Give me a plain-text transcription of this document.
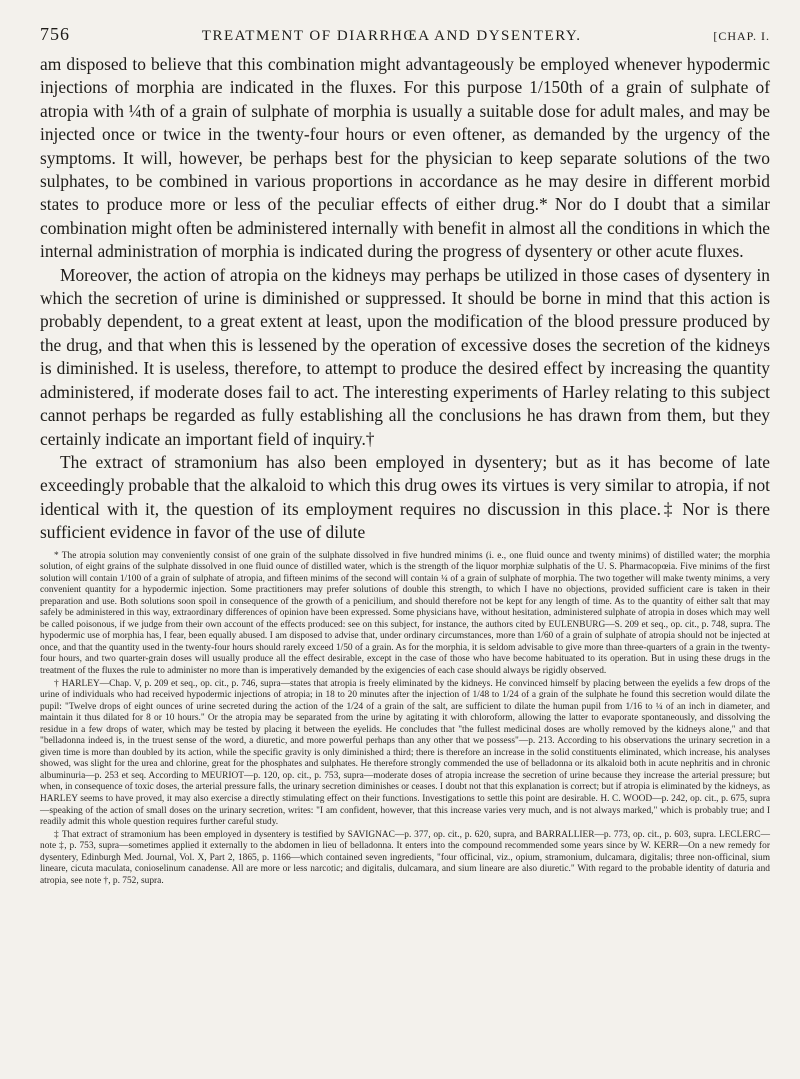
756	TREATMENT OF DIARRHŒA AND DYSENTERY.	[CHAP. I.

am disposed to believe that this combination might advantageously be employed whenever hypodermic injections of morphia are indicated in the fluxes. For this purpose 1/150th of a grain of sulphate of atropia with ¼th of a grain of sulphate of morphia is usually a suitable dose for adult males, and may be injected once or twice in the twenty-four hours or even oftener, as demanded by the urgency of the symptoms. It will, however, be perhaps best for the physician to keep separate solutions of the two sulphates, to be combined in various proportions in accordance as he may desire in different morbid states to produce more or less of the peculiar effects of either drug.* Nor do I doubt that a similar combination might often be administered internally with benefit in almost all the conditions in which the internal administration of morphia is indicated during the progress of dysentery or other acute fluxes.

Moreover, the action of atropia on the kidneys may perhaps be utilized in those cases of dysentery in which the secretion of urine is diminished or suppressed. It should be borne in mind that this action is probably dependent, to a great extent at least, upon the modification of the blood pressure produced by the drug, and that when this is lessened by the operation of excessive doses the secretion of the kidneys is diminished. It is useless, therefore, to attempt to produce the desired effect by increasing the quantity administered, if moderate doses fail to act. The interesting experiments of Harley relating to this subject cannot perhaps be regarded as fully establishing all the conclusions he has drawn from them, but they certainly indicate an important field of inquiry.†

The extract of stramonium has also been employed in dysentery; but as it has become of late exceedingly probable that the alkaloid to which this drug owes its virtues is very similar to atropia, if not identical with it, the question of its employment requires no discussion in this place.‡ Nor is there sufficient evidence in favor of the use of dilute

* The atropia solution may conveniently consist of one grain of the sulphate dissolved in five hundred minims (i. e., one fluid ounce and twenty minims) of distilled water; the morphia solution, of eight grains of the sulphate dissolved in one fluid ounce of distilled water, which is the strength of the liquor morphiæ sulphatis of the U. S. Pharmacopœia. Five minims of the first solution will contain 1/100 of a grain of sulphate of atropia, and fifteen minims of the second will contain ¼ of a grain of sulphate of morphia. The two together will make twenty minims, a very convenient quantity for a hypodermic injection. Some practitioners may prefer solutions of double this strength, to which I have no objections, provided sufficient care is taken in their preparation and use. Both solutions soon spoil in consequence of the growth of a penicilium, and should therefore not be kept for any length of time. As to the quantity of either salt that may safely be administered in this way, extraordinary differences of opinion have been expressed. Some physicians have, without hesitation, administered sulphate of atropia in doses which may well be called poisonous, if we judge from their own account of the effects produced: see on this subject, for instance, the authors cited by EULENBURG—S. 209 et seq., op. cit., p. 748, supra. The hypodermic use of morphia has, I fear, been equally abused. I am disposed to advise that, under ordinary circumstances, more than 1/60 of a grain of sulphate of atropia should not be injected at once, and that the quantity used in the twenty-four hours should rarely exceed 1/50 of a grain. As for the morphia, it is seldom advisable to give more than three-quarters of a grain in the twenty-four hours, and two quarter-grain doses will usually produce all the effect desirable, except in the case of those who have become habituated to its operation. But in using these drugs in the treatment of the fluxes the rule to administer no more than is imperatively demanded by the exigencies of each case should always be rigidly observed.

† HARLEY—Chap. V, p. 209 et seq., op. cit., p. 746, supra—states that atropia is freely eliminated by the kidneys. He convinced himself by placing between the eyelids a few drops of the urine of individuals who had received hypodermic injections of atropia; in 18 to 20 minutes after the injection of 1/48 to 1/24 of a grain of the sulphate he found this secretion would dilate the pupil: "Twelve drops of eight ounces of urine secreted during the action of the 1/24 of a grain of the salt, are sufficient to dilate the human pupil from 1/16 to ¼ of an inch in diameter, and maintain it thus dilated for 8 or 10 hours." Or the atropia may be separated from the urine by agitating it with chloroform, allowing the latter to evaporate spontaneously, and dissolving the residue in a few drops of water, which may be tested by placing it between the eyelids. He concludes that "the fullest medicinal doses are wholly removed by the kidneys alone," and that "belladonna indeed is, in the truest sense of the word, a diuretic, and more powerful perhaps than any other that we possess"—p. 213. According to his observations the urinary secretion in a given time is more than doubled by its action, while the specific gravity is only diminished a third; there is therefore an increase in the solid constituents eliminated, which increase, his analyses showed, was slight for the urea and chlorine, great for the phosphates and sulphates. He therefore strongly commended the use of belladonna or its alkaloid both in acute nephritis and in chronic albuminuria—p. 253 et seq. According to MEURIOT—p. 120, op. cit., p. 753, supra—moderate doses of atropia increase the secretion of urine because they increase the arterial pressure; but when, in consequence of toxic doses, the arterial pressure falls, the urinary secretion diminishes or ceases. I doubt not that this explanation is correct; but if atropia is eliminated by the kidneys, as HARLEY seems to have proved, it may also exercise a directly stimulating effect on their functions. Investigations to settle this point are desirable. H. C. WOOD—p. 242, op. cit., p. 675, supra—speaking of the action of small doses on the urinary secretion, writes: "I am confident, however, that this increase varies very much, and is not always marked," which is probably true; and I readily admit this whole question requires further careful study.

‡ That extract of stramonium has been employed in dysentery is testified by SAVIGNAC—p. 377, op. cit., p. 620, supra, and BARRALLIER—p. 773, op. cit., p. 603, supra. LECLERC—note ‡, p. 753, supra—sometimes applied it externally to the abdomen in lieu of belladonna. It enters into the compound recommended some years since by W. KERR—On a new remedy for dysentery, Edinburgh Med. Journal, Vol. X, Part 2, 1865, p. 1166—which contained seven ingredients, "four officinal, viz., opium, stramonium, dulcamara, digitalis; three non-officinal, sium lineare, cicuta maculata, conioselinum canadense. All are more or less narcotic; and digitalis, dulcamara, and sium lineare are also diuretic." With regard to the probable identity of daturia and atropia, see note †, p. 752, supra.
